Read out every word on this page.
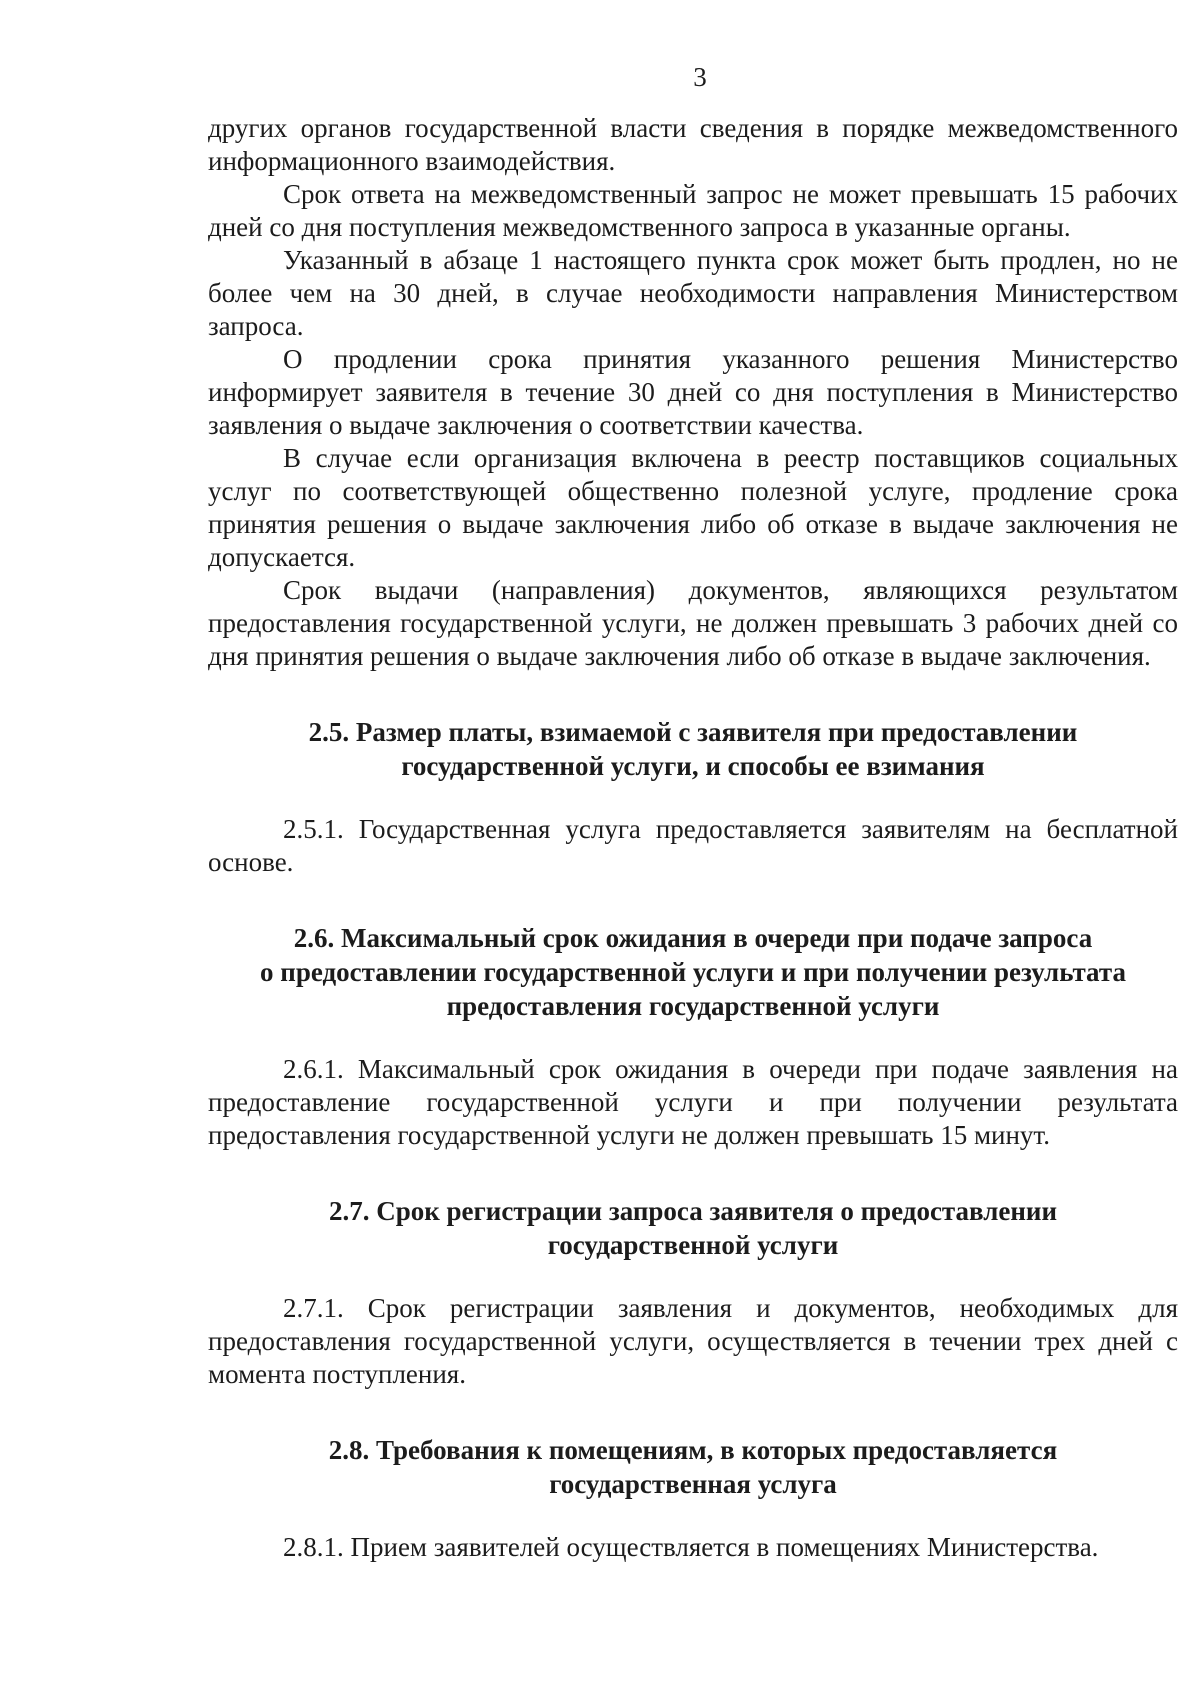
3

других органов государственной власти сведения в порядке межведомственного информационного взаимодействия.

Срок ответа на межведомственный запрос не может превышать 15 рабочих дней со дня поступления межведомственного запроса в указанные органы.

Указанный в абзаце 1 настоящего пункта срок может быть продлен, но не более чем на 30 дней, в случае необходимости направления Министерством запроса.

О продлении срока принятия указанного решения Министерство информирует заявителя в течение 30 дней со дня поступления в Министерство заявления о выдаче заключения о соответствии качества.

В случае если организация включена в реестр поставщиков социальных услуг по соответствующей общественно полезной услуге, продление срока принятия решения о выдаче заключения либо об отказе в выдаче заключения не допускается.

Срок выдачи (направления) документов, являющихся результатом предоставления государственной услуги, не должен превышать 3 рабочих дней со дня принятия решения о выдаче заключения либо об отказе в выдаче заключения.

2.5. Размер платы, взимаемой с заявителя при предоставлении
государственной услуги, и способы ее взимания

2.5.1. Государственная услуга предоставляется заявителям на бесплатной основе.

2.6. Максимальный срок ожидания в очереди при подаче запроса
о предоставлении государственной услуги и при получении результата
предоставления государственной услуги

2.6.1. Максимальный срок ожидания в очереди при подаче заявления на предоставление государственной услуги и при получении результата предоставления государственной услуги не должен превышать 15 минут.

2.7. Срок регистрации запроса заявителя о предоставлении
государственной услуги

2.7.1. Срок регистрации заявления и документов, необходимых для предоставления государственной услуги, осуществляется в течении трех дней с момента поступления.

2.8. Требования к помещениям, в которых предоставляется
государственная услуга

2.8.1. Прием заявителей осуществляется в помещениях Министерства.
